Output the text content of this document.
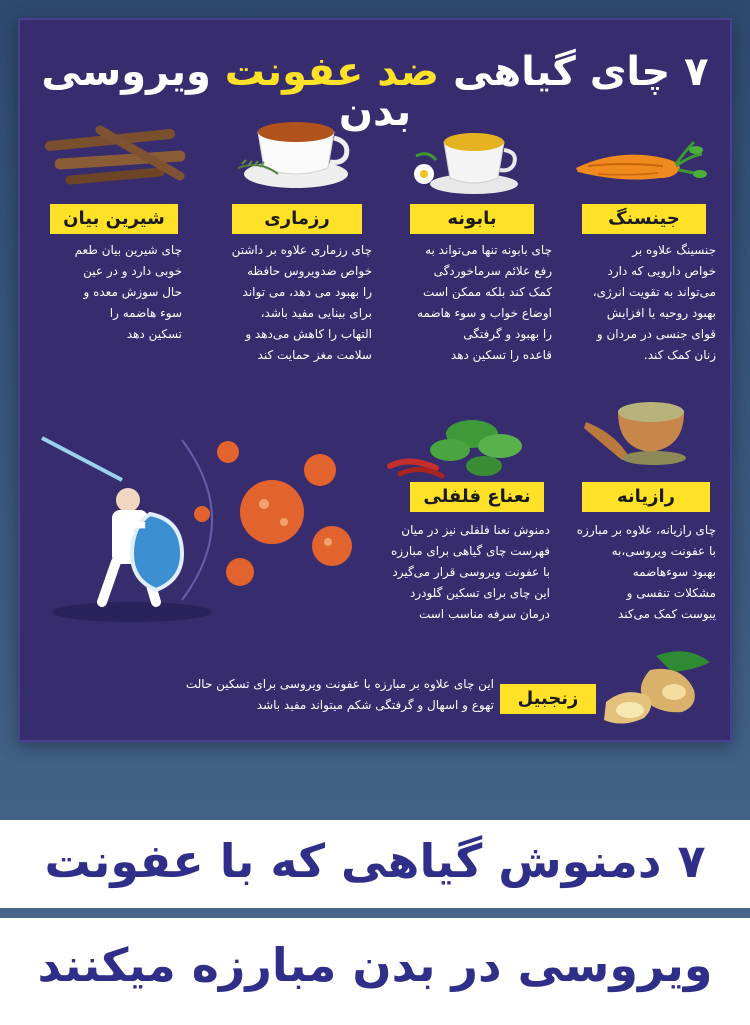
۷ چای گیاهی ضد عفونت ویروسی بدن
جینسنگ
جنسینگ علاوه بر
خواص دارویی که دارد
می‌تواند به تقویت انرژی،
بهبود روحیه یا افزایش
قوای جنسی در مردان و
زنان کمک کند.
بابونه
چای بابونه تنها می‌تواند به
رفع علائم سرماخوردگی
کمک کند بلکه ممکن است
اوضاع خواب و سوء هاضمه
را بهبود و گرفتگی
قاعده را تسکین دهد
رزماری
چای رزماری علاوه بر داشتن
خواص ضدویروس حافظه
را بهبود می دهد، می تواند
برای بینایی مفید باشد،
التهاب را کاهش می‌دهد و
سلامت مغز حمایت کند
شیرین بیان
چای شیرین بیان طعم
خوبی دارد و در عین
حال سوزش معده و
سوء هاضمه را
تسکین دهد
رازیانه
چای رازیانه، علاوه بر مبارزه
با عفونت ویروسی،به
بهبود سوءهاضمه
مشکلات تنفسی و
یبوست کمک می‌کند
نعناع فلفلی
دمنوش نعنا فلفلی نیز در میان
فهرست چای گیاهی برای مبارزه
با عفونت ویروسی قرار می‌گیرد
این چای برای تسکین گلودرد
درمان سرفه مناسب است
زنجبیل
این چای علاوه بر مبارزه با عفونت ویروسی برای تسکین حالت
تهوع و اسهال و گرفتگی شکم میتواند مفید باشد
۷ دمنوش گیاهی که با عفونت
ویروسی در بدن مبارزه میکنند
